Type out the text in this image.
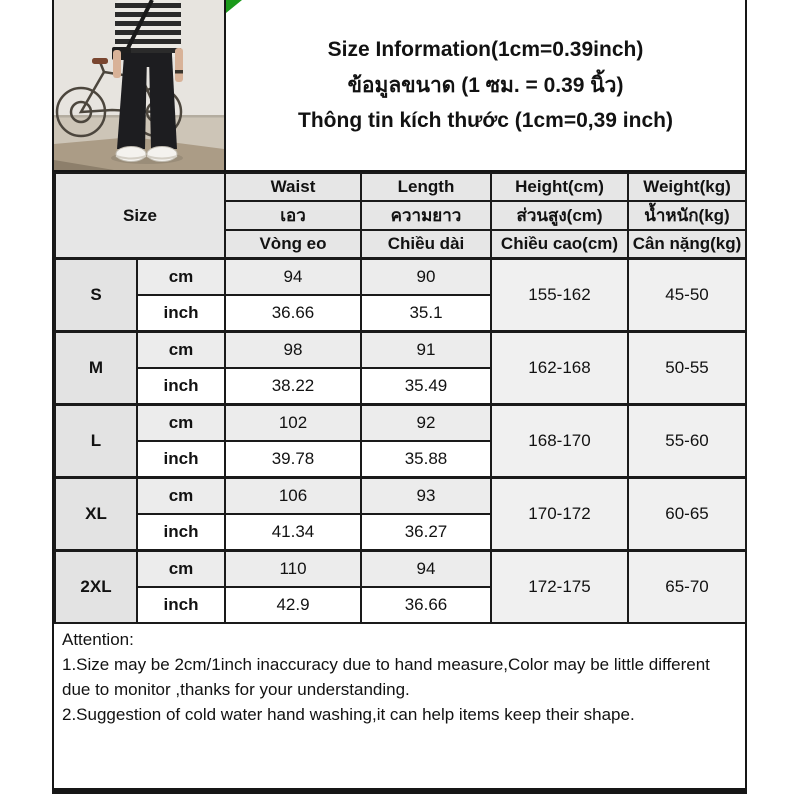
Size Information(1cm=0.39inch)
ข้อมูลขนาด (1 ซม. = 0.39 นิ้ว)
Thông tin kích thước (1cm=0,39 inch)
Size		Waist	Length	Height(cm)	Weight(kg)
		เอว	ความยาว	ส่วนสูง(cm)	น้ำหนัก(kg)
		Vòng eo	Chiều dài	Chiều cao(cm)	Cân nặng(kg)
S	cm	94	90	155-162	45-50
	inch	36.66	35.1		
M	cm	98	91	162-168	50-55
	inch	38.22	35.49		
L	cm	102	92	168-170	55-60
	inch	39.78	35.88		
XL	cm	106	93	170-172	60-65
	inch	41.34	36.27		
2XL	cm	110	94	172-175	65-70
	inch	42.9	36.66		
Attention:
1.Size may be 2cm/1inch inaccuracy due to hand measure,Color may be little different due to monitor ,thanks for your understanding.
2.Suggestion of cold water hand washing,it can help items keep their shape.
